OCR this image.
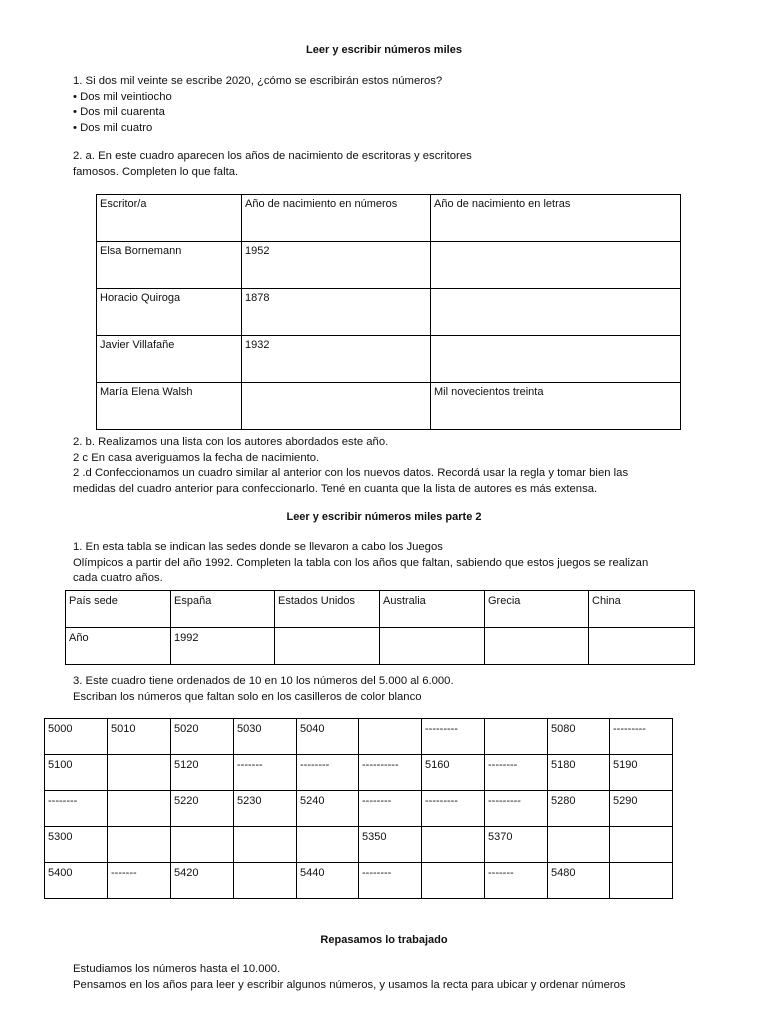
Leer y escribir números miles

1. Si dos mil veinte se escribe 2020, ¿cómo se escribirán estos números?

• Dos mil veintiocho

• Dos mil cuarenta

• Dos mil cuatro

2. a. En este cuadro aparecen los años de nacimiento de escritoras y escritores

famosos. Completen lo que falta.

Escritor/a	Año de nacimiento en números	Año de nacimiento en letras
Elsa Bornemann	1952	
Horacio Quiroga	1878	
Javier Villafañe	1932	
María Elena Walsh		Mil novecientos treinta

2. b. Realizamos una lista con los autores abordados este año.

2 c En casa averiguamos la fecha de nacimiento.

2 .d Confeccionamos un cuadro similar al anterior con los nuevos datos. Recordá usar la regla y tomar bien las

medidas del cuadro anterior para confeccionarlo. Tené en cuanta que la lista de autores es más extensa.

Leer y escribir números miles parte 2

1. En esta tabla se indican las sedes donde se llevaron a cabo los Juegos

Olímpicos a partir del año 1992. Completen la tabla con los años que faltan, sabiendo que estos juegos se realizan

cada cuatro años.

País sede	España	Estados Unidos	Australia	Grecia	China
Año	1992				

3. Este cuadro tiene ordenados de 10 en 10 los números del 5.000 al 6.000.

Escriban los números que faltan solo en los casilleros de color blanco

5000	5010	5020	5030	5040		---------		5080	---------
5100		5120	-------	--------	----------	5160	--------	5180	5190
--------		5220	5230	5240	--------	---------	---------	5280	5290
5300					5350		5370		
5400	-------	5420		5440	--------		-------	5480	

Repasamos lo trabajado

Estudiamos los números hasta el 10.000.

Pensamos en los años para leer y escribir algunos números, y usamos la recta para ubicar y ordenar números
